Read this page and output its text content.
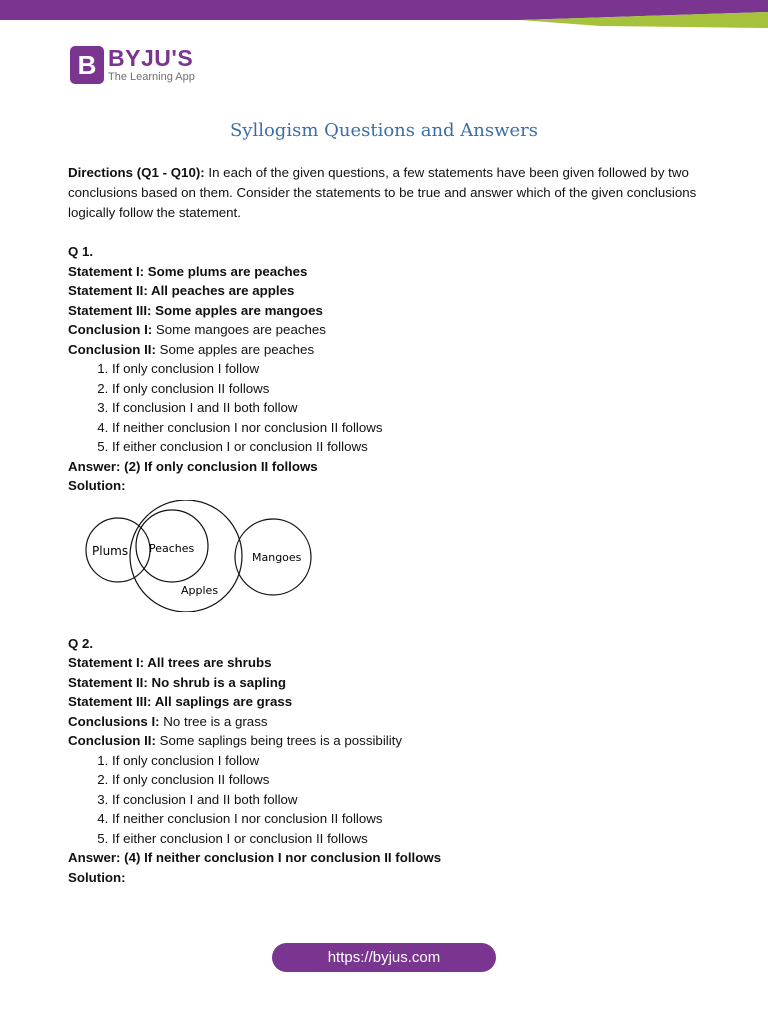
B BYJU'S
The Learning App
Syllogism Questions and Answers

Directions (Q1 - Q10): In each of the given questions, a few statements have been given followed by two conclusions based on them. Consider the statements to be true and answer which of the given conclusions logically follow the statement.

Q 1.

Statement I: Some plums are peaches

Statement II: All peaches are apples

Statement III: Some apples are mangoes

Conclusion I: Some mangoes are peaches

Conclusion II: Some apples are peaches

1. If only conclusion I follow
2. If only conclusion II follows
3. If conclusion I and II both follow
4. If neither conclusion I nor conclusion II follows
5. If either conclusion I or conclusion II follows

Answer: (2) If only conclusion II follows

Solution:

Plums Peaches
Apples
Mangoes

Q 2.

Statement I: All trees are shrubs

Statement II: No shrub is a sapling

Statement III: All saplings are grass

Conclusions I: No tree is a grass

Conclusion II: Some saplings being trees is a possibility

1. If only conclusion I follow
2. If only conclusion II follows
3. If conclusion I and II both follow
4. If neither conclusion I nor conclusion II follows
5. If either conclusion I or conclusion II follows

Answer: (4) If neither conclusion I nor conclusion II follows

Solution:

https://byjus.com
